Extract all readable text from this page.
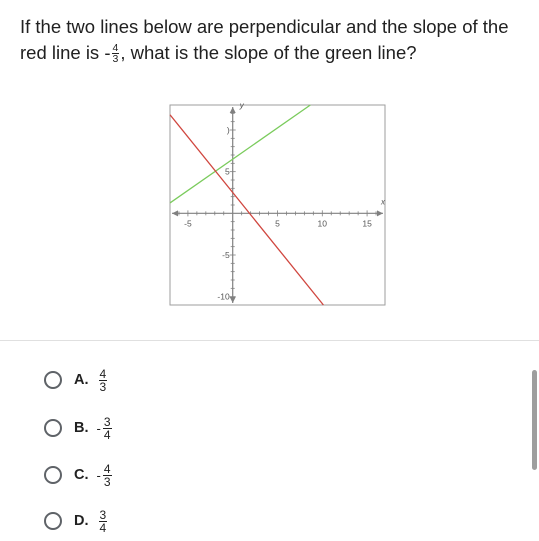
If the two lines below are perpendicular and the slope of the red line is - $\frac{4}{3}$ , what is the slope of the green line?
-5	5	10	15
5
-5
-10
)
x
y
A. $\frac{4}{3}$
B. - $\frac{3}{4}$
C. - $\frac{4}{3}$
D. $\frac{3}{4}$
